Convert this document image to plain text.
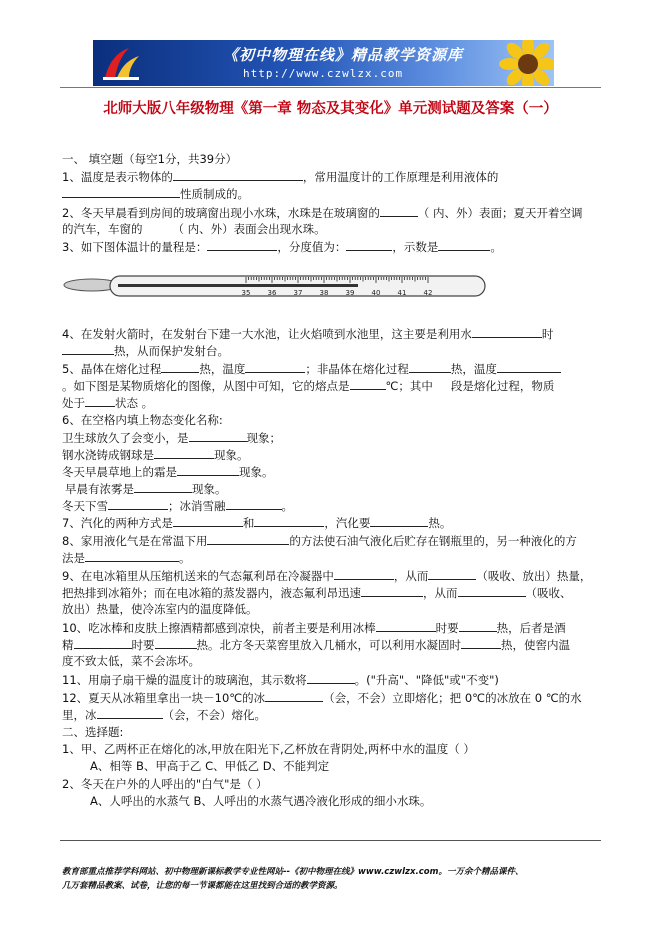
《初中物理在线》精品教学资源库
http://www.czwlzx.com
北师大版八年级物理《第一章 物态及其变化》单元测试题及答案（一）
一、 填空题（每空1分，共39分）
1、温度是表示物体的	，常用温度计的工作原理是利用液体的
性质制成的。
2、冬天早晨看到房间的玻璃窗出现小水珠，水珠是在玻璃窗的	（ 内、外）表面；夏天开着空调
的汽车，车窗的	（ 内、外）表面会出现水珠。
3、如下图体温计的量程是：	，分度值为：	，示数是	。
35 36 37 38 39 40 41 42
4、在发射火箭时，在发射台下建一大水池，让火焰喷到水池里，这主要是利用水	时
热，从而保护发射台。
5、晶体在熔化过程	热，温度	；非晶体在熔化过程	热，温度
。如下图是某物质熔化的图像，从图中可知，它的熔点是	℃；其中 段是熔化过程，物质
处于	状态 。
6、在空格内填上物态变化名称:
卫生球放久了会变小，是	现象；
钢水浇铸成钢球是	现象。
冬天早晨草地上的霜是	现象。
早晨有浓雾是	现象。
冬天下雪	；冰消雪融	。
7、汽化的两种方式是	和	，汽化要	热。
8、家用液化气是在常温下用	的方法使石油气液化后贮存在钢瓶里的，另一种液化的方
法是	。
9、在电冰箱里从压缩机送来的气态氟利昂在冷凝器中	，从而	（吸收、放出）热量，
把热排到冰箱外；而在电冰箱的蒸发器内，液态氟利昂迅速	，从而	（吸收、
放出）热量，使冷冻室内的温度降低。
10、吃冰棒和皮肤上擦酒精都感到凉快，前者主要是利用冰棒	时要	热，后者是酒
精	时要	热。北方冬天菜窖里放入几桶水，可以利用水凝固时	热，使窖内温
度不致太低，菜不会冻坏。
11、用扇子扇干燥的温度计的玻璃泡，其示数将	。("升高"、"降低"或"不变")
12、夏天从冰箱里拿出一块－10℃的冰	（会，不会）立即熔化；把 0℃的冰放在 0 ℃的水
里，冰	（会，不会）熔化。
二、选择题:
1、甲、乙两杯正在熔化的冰,甲放在阳光下,乙杯放在背阴处,两杯中水的温度（ ）
A、相等 B、甲高于乙 C、甲低乙 D、不能判定
2、冬天在户外的人呼出的"白气"是（ ）
A、人呼出的水蒸气 B、人呼出的水蒸气遇冷液化形成的细小水珠。
教育部重点推荐学科网站、初中物理新课标教学专业性网站--《初中物理在线》www.czwlzx.com。一万余个精品课件、
几万套精品教案、试卷，让您的每一节课都能在这里找到合适的教学资源。
